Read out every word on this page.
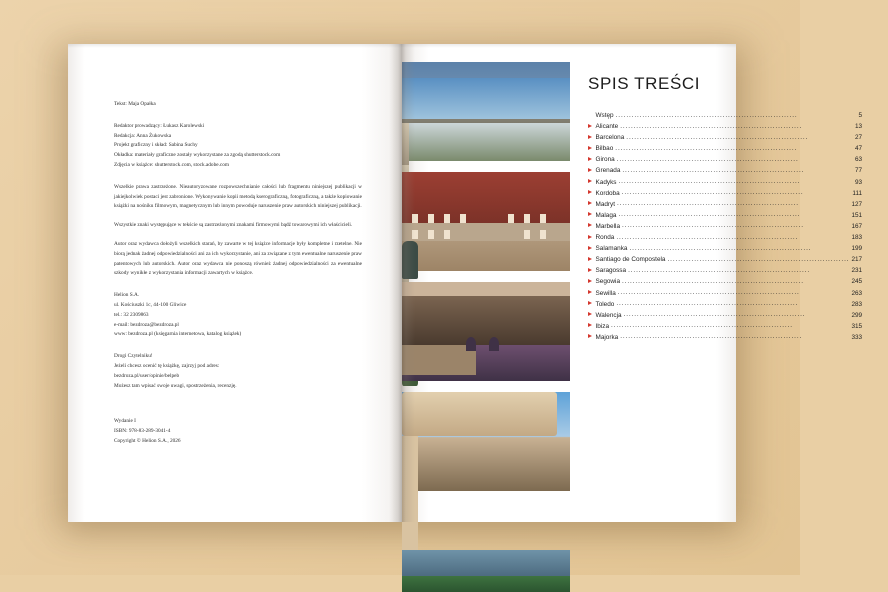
Tekst: Maja Opałka

Redaktor prowadzący: Łukasz Karolewski

Redakcja: Anna Żukowska

Projekt graficzny i skład: Sabina Suchy

Okładka: materiały graficzne zostały wykorzystane za zgodą shutterstock.com

Zdjęcia w książce: shutterstock.com, stock.adobe.com

Wszelkie prawa zastrzeżone. Nieautoryzowane rozpowszechnianie całości lub fragmentu niniejszej publikacji w jakiejkolwiek postaci jest zabronione. Wykonywanie kopii metodą kserograficzną, fotograficzną, a także kopiowanie książki na nośniku filmowym, magnetycznym lub innym powoduje naruszenie praw autorskich niniejszej publikacji.

Wszystkie znaki występujące w tekście są zastrzeżonymi znakami firmowymi bądź towarowymi ich właścicieli.

Autor oraz wydawca dołożyli wszelkich starań, by zawarte w tej książce informacje były kompletne i rzetelne. Nie biorą jednak żadnej odpowiedzialności ani za ich wykorzystanie, ani za związane z tym ewentualne naruszenie praw patentowych lub autorskich. Autor oraz wydawca nie ponoszą również żadnej odpowiedzialności za ewentualne szkody wynikłe z wykorzystania informacji zawartych w książce.

Helion S.A.

ul. Kościuszki 1c, 44-100 Gliwice

tel.: 32 2309863

e-mail: bezdroza@bezdroza.pl

www: bezdroza.pl (księgarnia internetowa, katalog książek)

Drogi Czytelniku!

Jeżeli chcesz ocenić tę książkę, zajrzyj pod adres:

bezdroza.pl/user/opinie/belpeb

Możesz tam wpisać swoje uwagi, spostrzeżenia, recenzję.

Wydanie I

ISBN: 978-83-289-3041-4

Copyright © Helion S.A., 2026

SPIS TREŚCI
Wstęp .....	5
Alicante .....	13
Barcelona .....	27
Bilbao .....	47
Girona .....	63
Grenada .....	77
Kadyks .....	93
Kordoba .....	111
Madryt .....	127
Malaga .....	151
Marbella .....	167
Ronda .....	183
Salamanka .....	199
Santiago de Compostela .....	217
Saragossa .....	231
Segowia .....	245
Sewilla .....	263
Toledo .....	283
Walencja .....	299
Ibiza .....	315
Majorka .....	333
